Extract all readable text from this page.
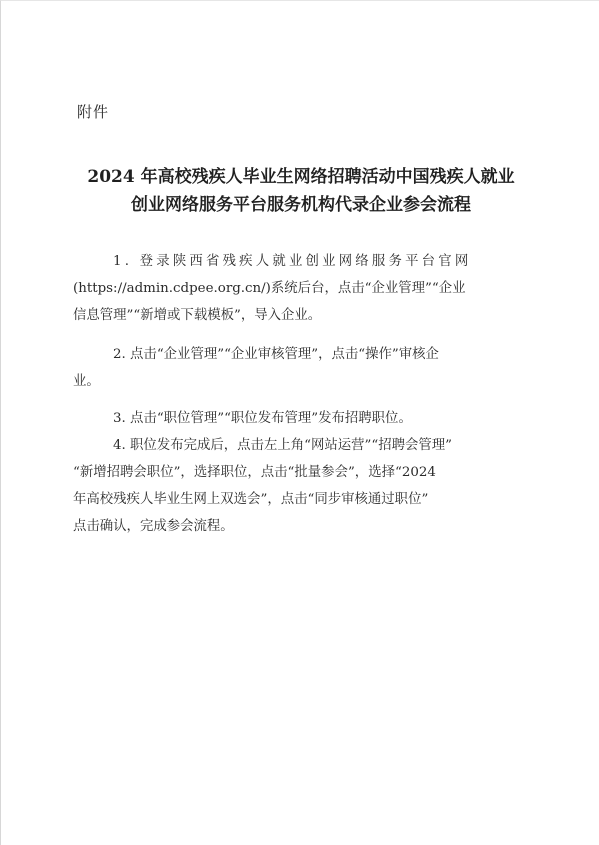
附件
2024 年高校残疾人毕业生网络招聘活动中国残疾人就业
创业网络服务平台服务机构代录企业参会流程
1. 登录陕西省残疾人就业创业网络服务平台官网
(https://admin.cdpee.org.cn/)系统后台，点击“企业管理”“企业
信息管理”“新增或下载模板”，导入企业。
2. 点击“企业管理”“企业审核管理”，点击“操作”审核企
业。
3. 点击“职位管理”“职位发布管理”发布招聘职位。
4. 职位发布完成后，点击左上角“网站运营”“招聘会管理”
“新增招聘会职位”，选择职位，点击“批量参会”，选择“2024
年高校残疾人毕业生网上双选会”，点击“同步审核通过职位”
点击确认，完成参会流程。
